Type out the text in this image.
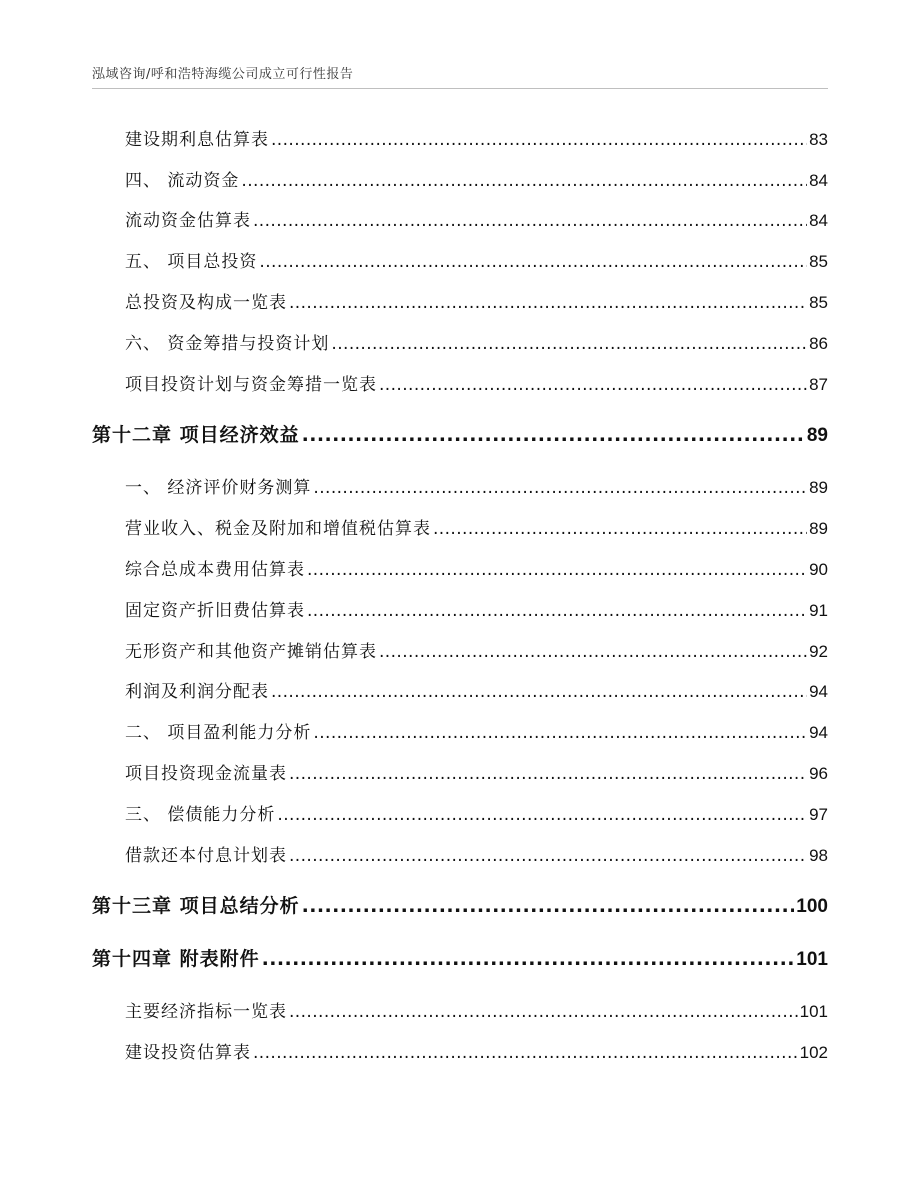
泓域咨询/呼和浩特海缆公司成立可行性报告
建设期利息估算表 .....	83
四、 流动资金 .....	84
流动资金估算表 .....	84
五、 项目总投资 .....	85
总投资及构成一览表 .....	85
六、 资金筹措与投资计划 .....	86
项目投资计划与资金筹措一览表 .....	87
第十二章 项目经济效益 .....	89
一、 经济评价财务测算 .....	89
营业收入、税金及附加和增值税估算表 .....	89
综合总成本费用估算表 .....	90
固定资产折旧费估算表 .....	91
无形资产和其他资产摊销估算表 .....	92
利润及利润分配表 .....	94
二、 项目盈利能力分析 .....	94
项目投资现金流量表 .....	96
三、 偿债能力分析 .....	97
借款还本付息计划表 .....	98
第十三章 项目总结分析 .....	100
第十四章 附表附件 .....	101
主要经济指标一览表 .....	101
建设投资估算表 .....	102
